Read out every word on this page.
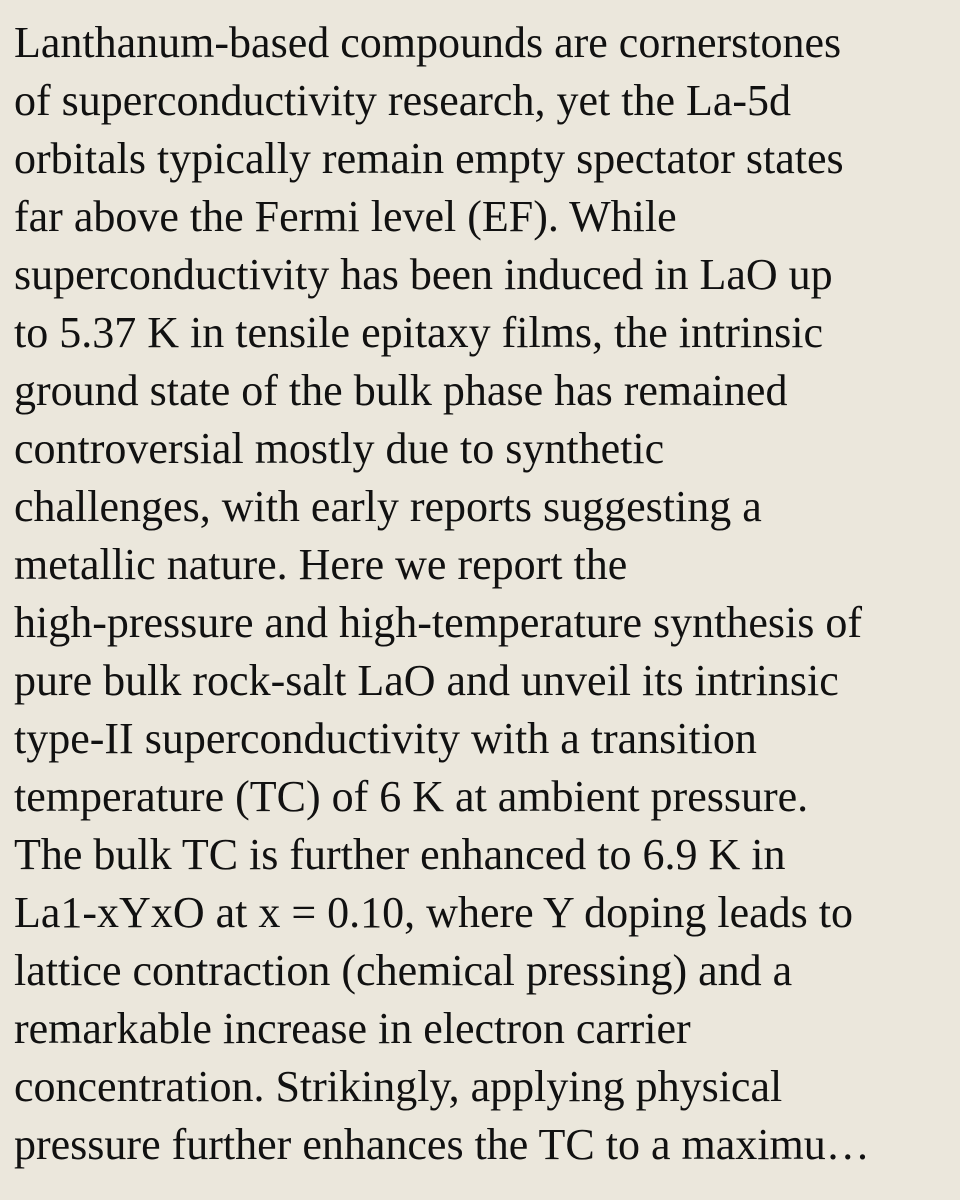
Lanthanum-based compounds are cornerstones
of superconductivity research, yet the La-5d
orbitals typically remain empty spectator states
far above the Fermi level (EF). While
superconductivity has been induced in LaO up
to 5.37 K in tensile epitaxy films, the intrinsic
ground state of the bulk phase has remained
controversial mostly due to synthetic
challenges, with early reports suggesting a
metallic nature. Here we report the
high-pressure and high-temperature synthesis of
pure bulk rock-salt LaO and unveil its intrinsic
type-II superconductivity with a transition
temperature (TC) of 6 K at ambient pressure.
The bulk TC is further enhanced to 6.9 K in
La1-xYxO at x = 0.10, where Y doping leads to
lattice contraction (chemical pressing) and a
remarkable increase in electron carrier
concentration. Strikingly, applying physical
pressure further enhances the TC to a maximu…
